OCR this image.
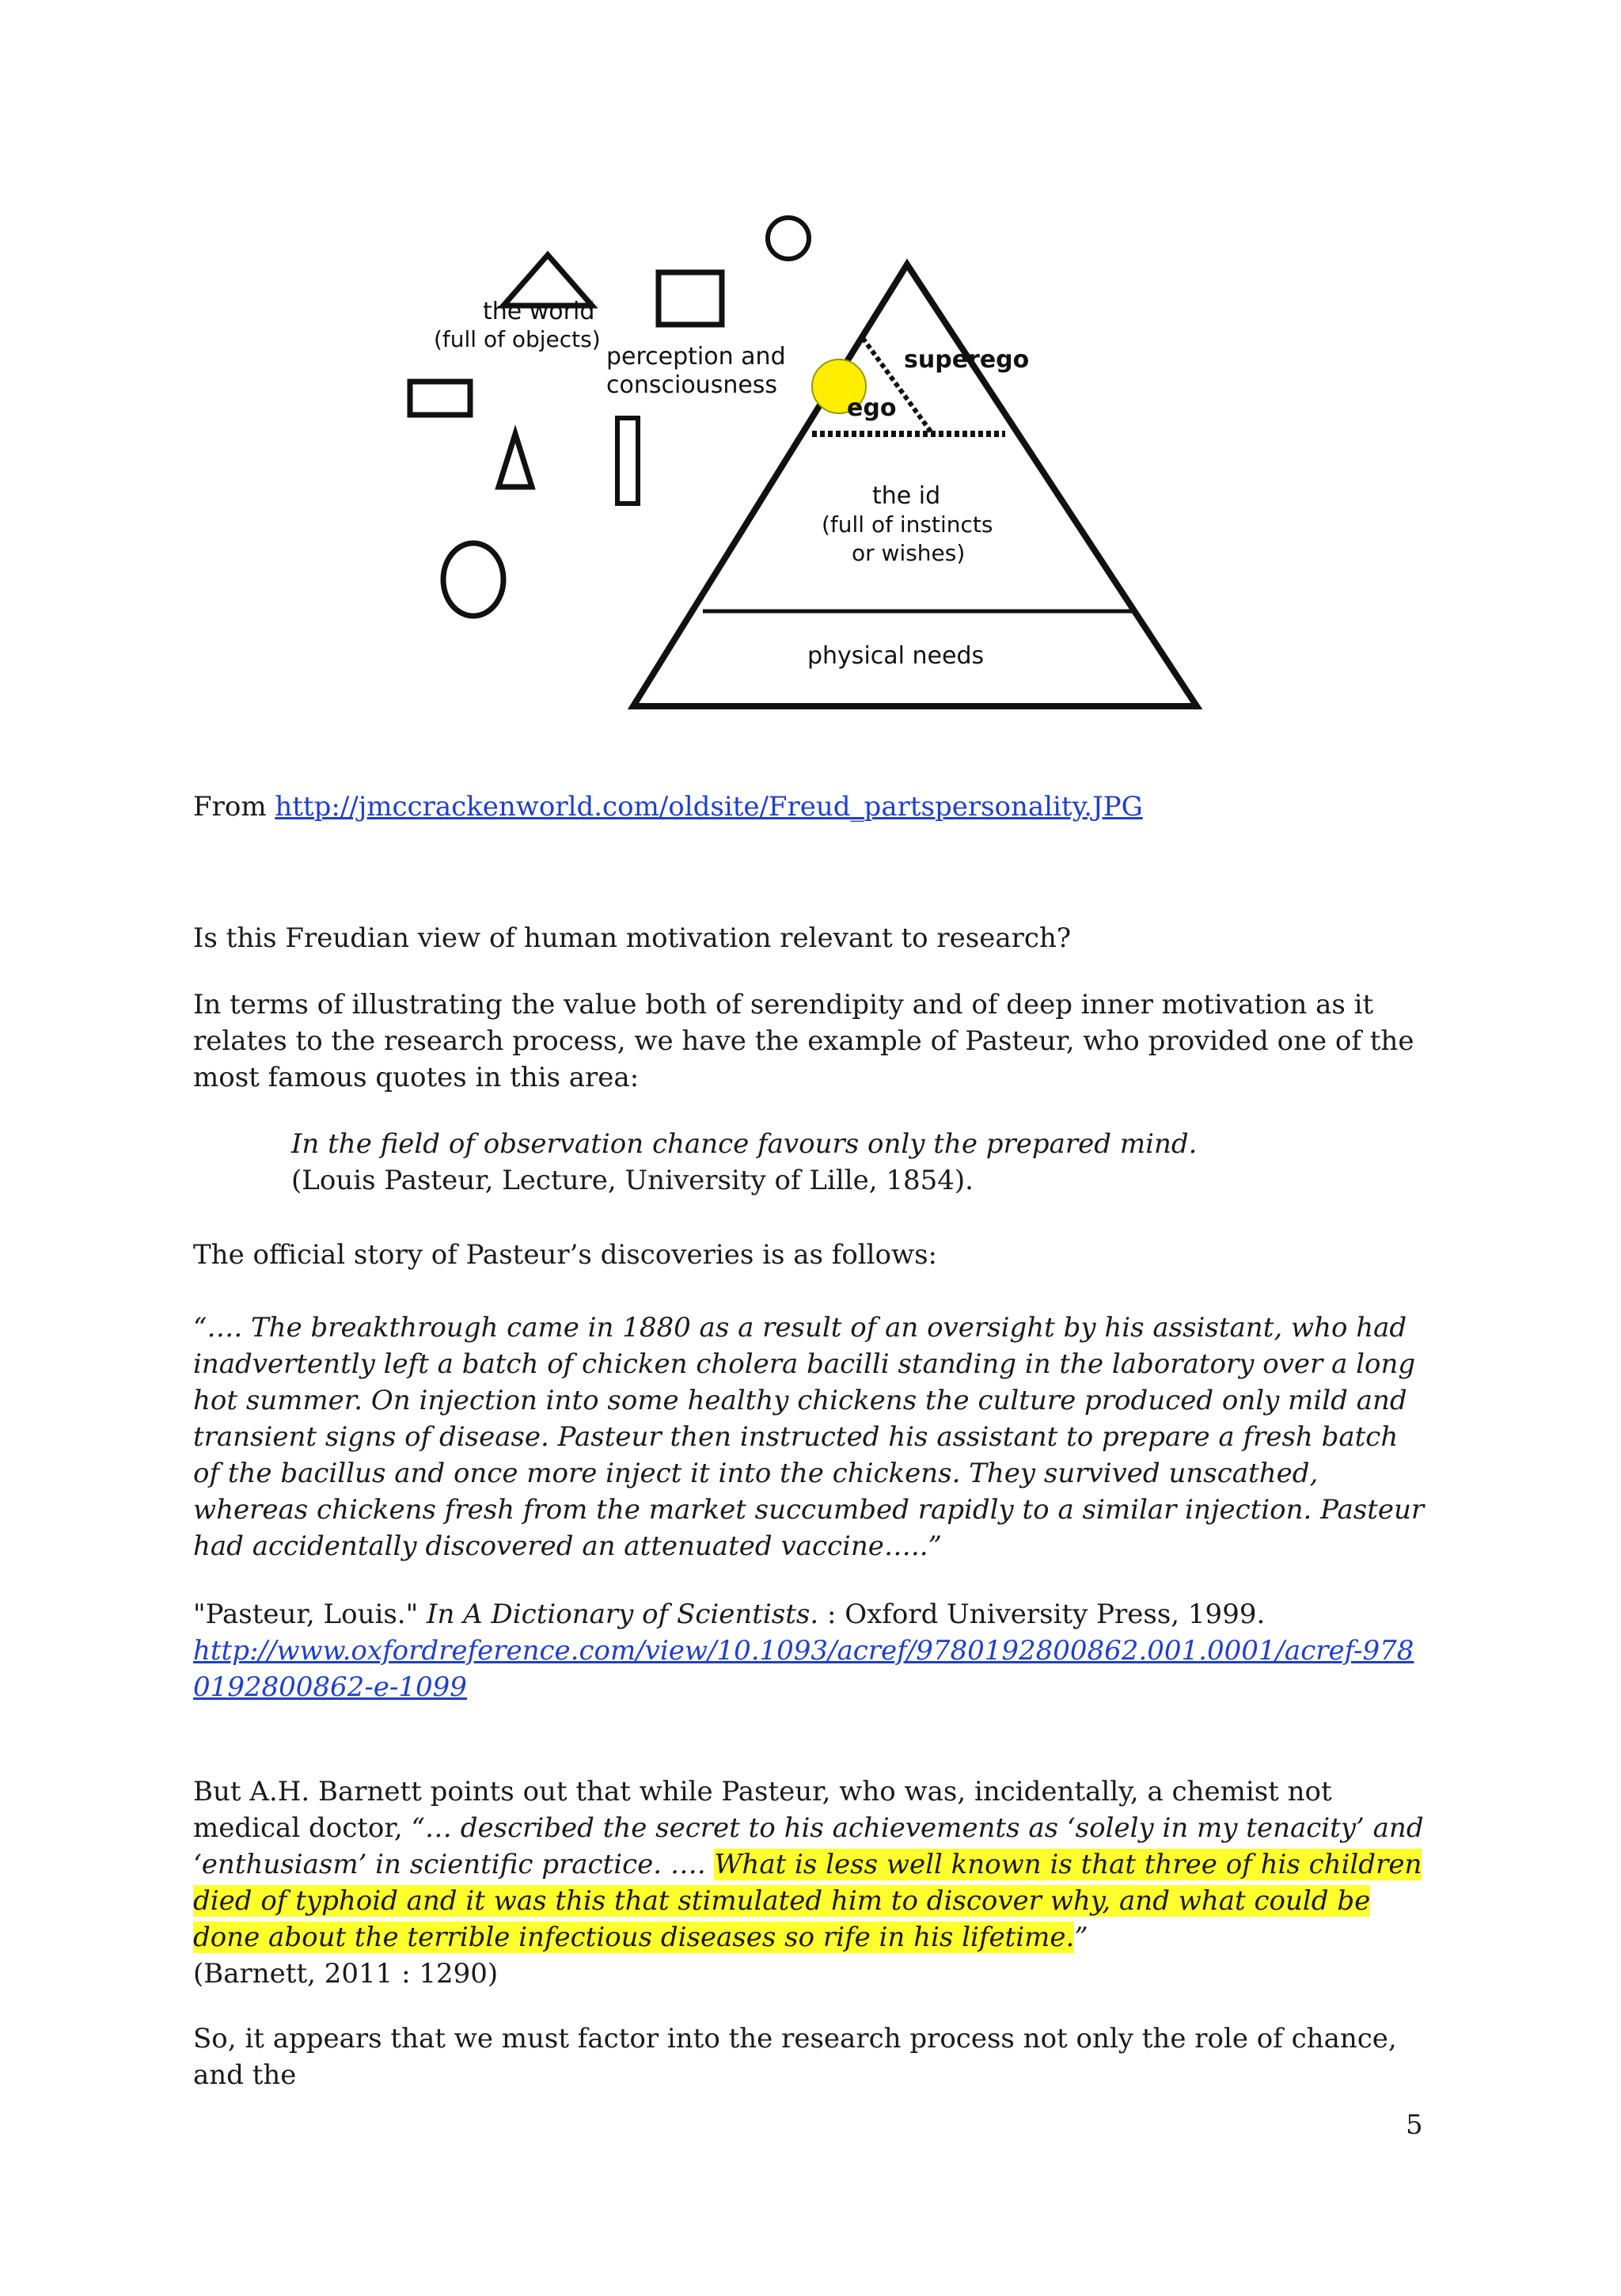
the world
(full of objects)
perception and
consciousness
superego
ego
the id
(full of instincts
or wishes)
physical needs

From http://jmccrackenworld.com/oldsite/Freud_partspersonality.JPG

Is this Freudian view of human motivation relevant to research?
In terms of illustrating the value both of serendipity and of deep inner motivation as it relates to the research process, we have the example of Pasteur, who provided one of the most famous quotes in this area:

In the field of observation chance favours only the prepared mind.

(Louis Pasteur, Lecture, University of Lille, 1854).

The official story of Pasteur’s discoveries is as follows:
“…. The breakthrough came in 1880 as a result of an oversight by his assistant, who had inadvertently left a batch of chicken cholera bacilli standing in the laboratory over a long hot summer. On injection into some healthy chickens the culture produced only mild and transient signs of disease. Pasteur then instructed his assistant to prepare a fresh batch of the bacillus and once more inject it into the chickens. They survived unscathed, whereas chickens fresh from the market succumbed rapidly to a similar injection. Pasteur had accidentally discovered an attenuated vaccine…..”

"Pasteur, Louis." In A Dictionary of Scientists. : Oxford University Press, 1999.

http://www.oxfordreference.com/view/10.1093/acref/9780192800862.001.0001/acref-9780192800862-e-1099

But A.H. Barnett points out that while Pasteur, who was, incidentally, a chemist not medical doctor, “… described the secret to his achievements as ‘solely in my tenacity’ and ‘enthusiasm’ in scientific practice. …. What is less well known is that three of his children died of typhoid and it was this that stimulated him to discover why, and what could be done about the terrible infectious diseases so rife in his lifetime.”

(Barnett, 2011 : 1290)

So, it appears that we must factor into the research process not only the role of chance, and the
5
